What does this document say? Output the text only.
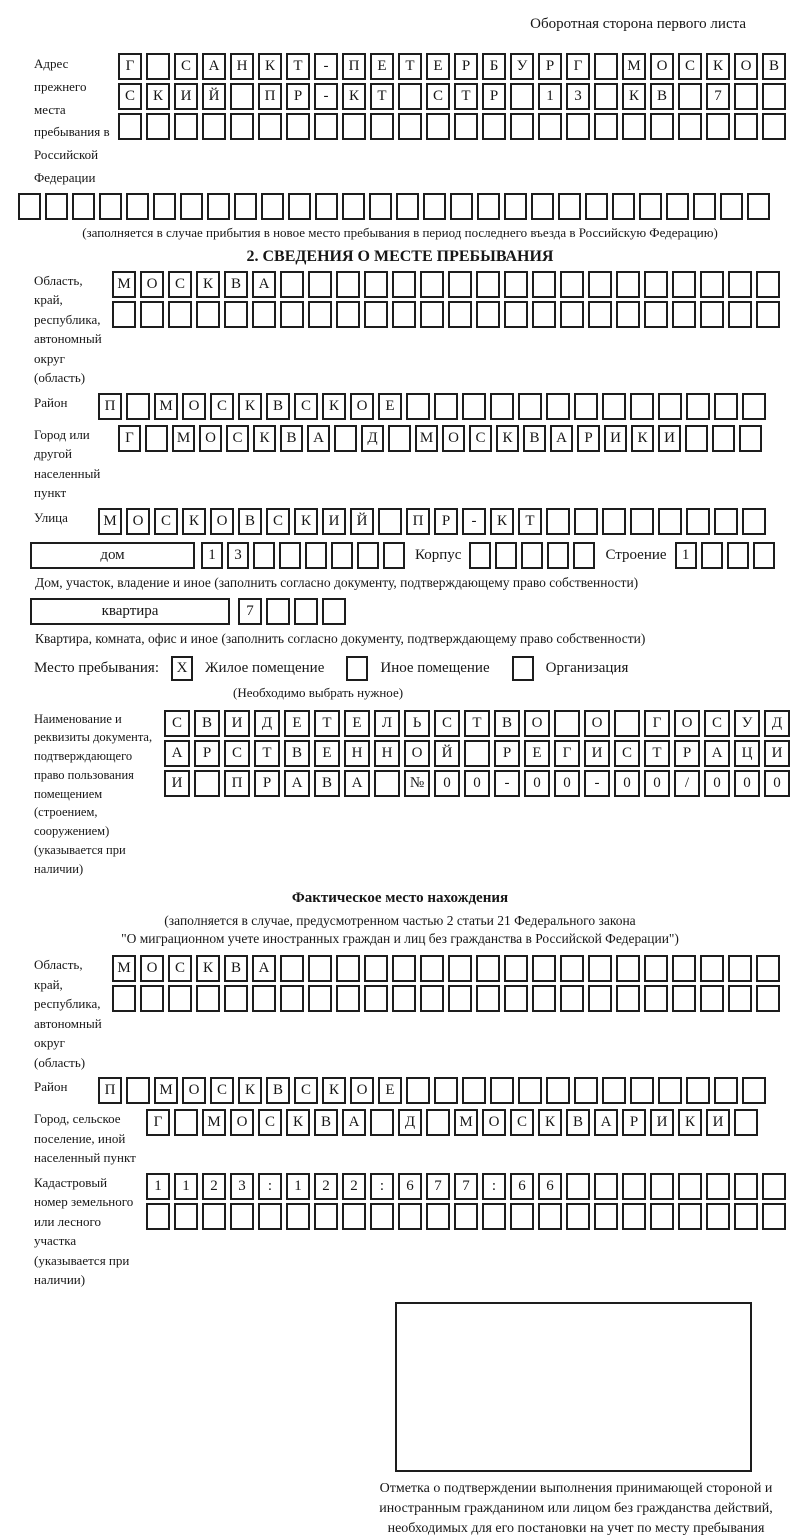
Оборотная сторона первого листа
Адрес прежнего места пребывания в Российской Федерации
Г	С	А	Н	К	Т	-	П	Е	Т	Е	Р	Б	У	Р	Г	М	О	С	К	О	В
С	К	И	Й	П	Р	-	К	Т	С	Т	Р	1	3	К	В	7
(заполняется в случае прибытия в новое место пребывания в период последнего въезда в Российскую Федерацию)
2. СВЕДЕНИЯ О МЕСТЕ ПРЕБЫВАНИЯ
Область, край, республика, автономный округ (область)
М	О	С	К	В	А
Район	П	М	О	С	К	В	С	К	О	Е
Город или другой населенный пункт
Г	М О	С	К	В	А	Д	М О	С	К	В	А	Р	И	К	И
Улица	М	О	С	К	О	В	С	К	И	Й	П	Р	-	К	Т
дом	1	3	Корпус	Строение	1
Дом, участок, владение и иное (заполнить согласно документу, подтверждающему право собственности)
квартира	7
Квартира, комната, офис и иное (заполнить согласно документу, подтверждающему право собственности)
Место пребывания:	X	Жилое помещение	Иное помещение	Организация
(Необходимо выбрать нужное)
Наименование и реквизиты документа, подтверждающего право пользования помещением (строением, сооружением) (указывается при наличии)
С	В	И	Д	Е	Т	Е	Л	Ь	С	Т	В	О	О	Г	О	С	У	Д
А	Р	С	Т	В	Е	Н	Н	О	Й	Р	Е	Г	И	С	Т	Р	А	Ц	И
И	П	Р	А	В	А	№	0	0	-	0	0	-	0	0	/	0	0	0
Фактическое место нахождения
(заполняется в случае, предусмотренном частью 2 статьи 21 Федерального закона
"О миграционном учете иностранных граждан и лиц без гражданства в Российской Федерации")
Область, край, республика, автономный округ (область)
М	О	С	К	В	А
Район	П	М	О	С	К	В	С	К	О	Е
Город, сельское поселение, иной населенный пункт
Г	М	О	С	К	В	А	Д	М	О	С	К	В	А	Р	И	К	И
Кадастровый номер земельного или лесного участка (указывается при наличии)
1	1	2	3	:	1	2	2	:	6	7	7	:	6	6
Отметка о подтверждении выполнения принимающей стороной и иностранным гражданином или лицом без гражданства действий, необходимых для его постановки на учет по месту пребывания
